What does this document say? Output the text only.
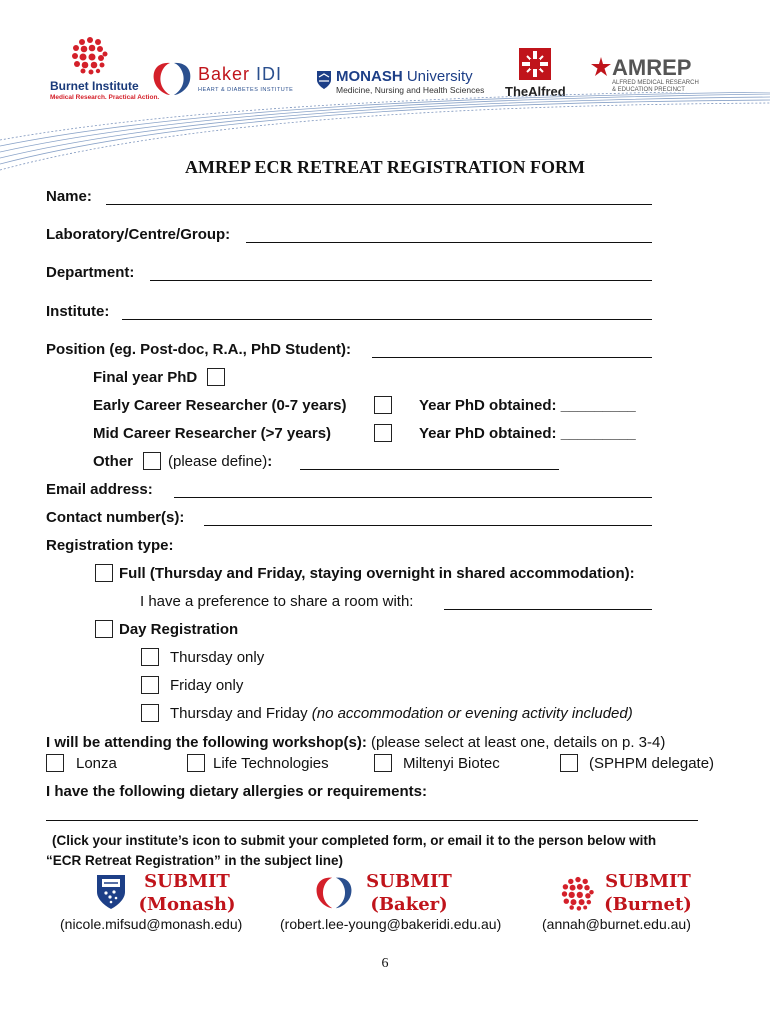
Burnet Institute
Medical Research. Practical Action.
Baker IDI
HEART & DIABETES INSTITUTE
MONASH University
Medicine, Nursing and Health Sciences TheAlfred
AMREP
ALFRED MEDICAL RESEARCH
& EDUCATION PRECINCT
AMREP ECR RETREAT REGISTRATION FORM
Name:
Laboratory/Centre/Group:
Department:
Institute:
Position (eg. Post-doc, R.A., PhD Student):
Final year PhD
Early Career Researcher (0-7 years)	Year PhD obtained: _________
Mid Career Researcher (>7 years)	Year PhD obtained: _________
Other (please define):
Email address:
Contact number(s):
Registration type:
Full (Thursday and Friday, staying overnight in shared accommodation):
I have a preference to share a room with:
Day Registration
Thursday only
Friday only
Thursday and Friday (no accommodation or evening activity included)
I will be attending the following workshop(s): (please select at least one, details on p. 3-4)
Lonza	Life Technologies	Miltenyi Biotec	(SPHPM delegate)
I have the following dietary allergies or requirements:
(Click your institute’s icon to submit your completed form, or email it to the person below with
“ECR Retreat Registration” in the subject line)
SUBMIT
(Monash)
(nicole.mifsud@monash.edu)
SUBMIT
(Baker)
(robert.lee-young@bakeridi.edu.au)
SUBMIT
(Burnet)
(annah@burnet.edu.au)
6
